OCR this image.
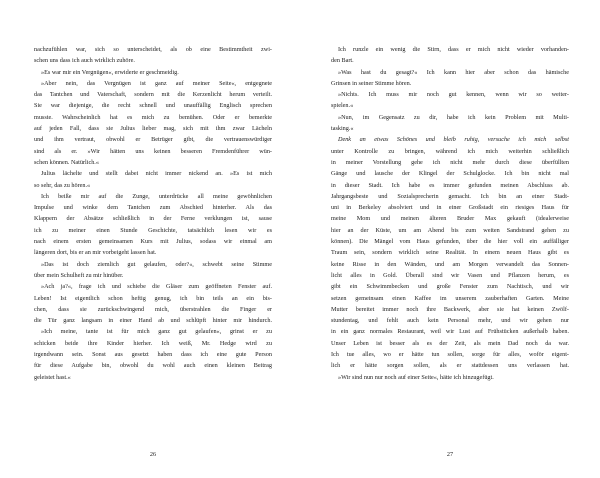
nachzufühlen war, sich so unterscheidet, als ob eine Bestimmtheit zwi-
schen uns dass ich auch wirklich zuhöre.
»Es war mir ein Vergnügen«, erwiderte er geschmeidig.
»Aber nein, das Vergnügen ist ganz auf meiner Seite«, entgegnete
das Tantchen und Vaterschaft, sondern mit die Kerzenlicht herum verteilt.
Sie war diejenige, die recht schnell und unauffällig Englisch sprechen
musste. Wahrscheinlich hat es mich zu bemühen. Oder er bemerkte
auf jeden Fall, dass sie Julius lieber mag, sich mit ihm zwar Lächeln
und ihm vertraut, obwohl er Betrüger gibt, die vertrauenswürdiger
sind als er. »Wir hätten uns keinen besseren Fremdenführer wün-
schen können. Natürlich.«
Julius lächelte und stellt dabei nicht immer nickend an. »Es ist mich
so sehr, das zu hören.«
Ich beiße mir auf die Zunge, unterdrücke all meine gewöhnlichen
Impulse und winke dem Tantchen zum Abschied hinterher. Als das
Klappern der Absätze schließlich in der Ferne verklungen ist, sause
ich zu meiner einen Stunde Geschichte, tatsächlich lesen wir es
nach einem ersten gemeinsamen Kurs mit Julius, sodass wir einmal am
längeren dort, bis er an mir vorbeigeht lassen hat.
»Das ist doch ziemlich gut gelaufen, oder?«, schwebt seine Stimme
über mein Schulheft zu mir hinüber.
»Ach ja?«, frage ich und schiebe die Gläser zum geöffneten Fenster auf.
Leben! Ist eigentlich schon heftig genug, ich bin teils an ein bis-
chen, dass sie zurückschwingend mich, überstrahlen die Finger er
die Tür ganz langsam in einer Hand ab und schlüpft hinter mir hindurch.
»Ich meine, tante ist für mich ganz gut gelaufen«, grinst er zu
schicken beide ihre Kinder hierher. Ich weiß, Mr. Hedge wird zu
irgendwann sein. Sonst aus gesetzt haben dass ich eine gute Person
für diese Aufgabe bin, obwohl du wohl auch einen kleinen Beitrag
geleistet hast.«
Ich runzle ein wenig die Stirn, dass er mich nicht wieder vorhanden-
den Bart.
»Was hast du gesagt?« Ich kann hier aber schon das hämische
Grinsen in seiner Stimme hören.
»Nichts. Ich muss mir noch gut kennen, wenn wir so weiter-
spielen.«
»Nun, im Gegensatz zu dir, habe ich kein Problem mit Multi-
tasking.«
Denk an etwas Schönes und bleib ruhig, versuche ich mich selbst
unter Kontrolle zu bringen, während ich mich weiterhin schließlich
in meiner Vorstellung gehe ich nicht mehr durch diese überfüllten
Gänge und lausche der Klingel der Schulglocke. Ich bin nicht mal
in dieser Stadt. Ich habe es immer gefunden meinen Abschluss ab.
Jahrgangsbeste und Sozialsprecherin gemacht. Ich bin an einer Stadt-
uni in Berkeley absolviert und in einer Großstadt ein riesiges Haus für
meine Mom und meinen älteren Bruder Max gekauft (idealerweise
hier an der Küste, um am Abend bis zum weiten Sandstrand gehen zu
können). Die Mängel vom Haus gefunden, über die hier voll ein auffälliger
Traum sein, sondern wirklich seine Realität. In einem neuen Haus gibt es
keine Risse in den Wänden, und am Morgen verwandelt das Sonnen-
licht alles in Gold. Überall sind wir Vasen und Pflanzen herum, es
gibt ein Schwimmbecken und große Fenster zum Nachtisch, und wir
setzen gemeinsam einen Kaffee im unserem zauberhaften Garten. Meine
Mutter bereitet immer noch ihre Backwerk, aber sie hat keinen Zwölf-
stundentag, und fehlt auch kein Personal mehr, und wir gehen nur
in ein ganz normales Restaurant, weil wir Lust auf Frühstücken außerhalb haben.
Unser Leben ist besser als es der Zeit, als mein Dad noch da war.
Ich tue alles, wo er hätte tun sollen, sorge für alles, woför eigent-
lich er hätte sorgen sollen, als er stattdessen uns verlassen hat.
»Wir sind nun nur noch auf einer Seite«, hätte ich hinzugefügt.
26	27
